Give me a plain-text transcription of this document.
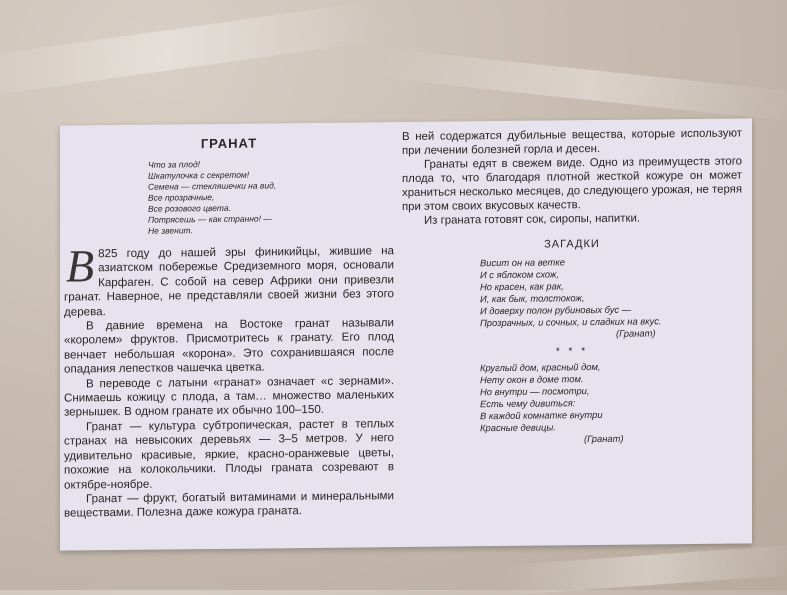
ГРАНАТ
Что за плод!
Шкатулочка с секретом!
Семена — стекляшечки на вид,
Все прозрачные,
Все розового цвета.
Потрясешь — как странно! —
Не звенит.

В 825 году до нашей эры финикийцы, жившие на азиатском побережье Средиземного моря, основали Карфаген. С собой на север Африки они привезли гранат. Наверное, не представляли своей жизни без этого дерева.

В давние времена на Востоке гранат называли «королем» фруктов. Присмотритесь к гранату. Его плод венчает небольшая «корона». Это сохранившаяся после опадания лепестков чашечка цветка.

В переводе с латыни «гранат» означает «с зернами». Снимаешь кожицу с плода, а там… множество маленьких зернышек. В одном гранате их обычно 100–150.

Гранат — культура субтропическая, растет в теплых странах на невысоких деревьях — 3–5 метров. У него удивительно красивые, яркие, красно-оранжевые цветы, похожие на колокольчики. Плоды граната созревают в октябре-ноябре.

Гранат — фрукт, богатый витаминами и минеральными веществами. Полезна даже кожура граната.

В ней содержатся дубильные вещества, которые используют при лечении болезней горла и десен.

Гранаты едят в свежем виде. Одно из преимуществ этого плода то, что благодаря плотной жесткой кожуре он может храниться несколько месяцев, до следующего урожая, не теряя при этом своих вкусовых качеств.

Из граната готовят сок, сиропы, напитки.

ЗАГАДКИ
Висит он на ветке
И с яблоком схож,
Но красен, как рак,
И, как бык, толстокож,
И доверху полон рубиновых бус —
Прозрачных, и сочных, и сладких на вкус.
(Гранат)
* * *
Круглый дом, красный дом,
Нету окон в доме том.
Но внутри — посмотри,
Есть чему дивиться:
В каждой комнатке внутри
Красные девицы.
(Гранат)
